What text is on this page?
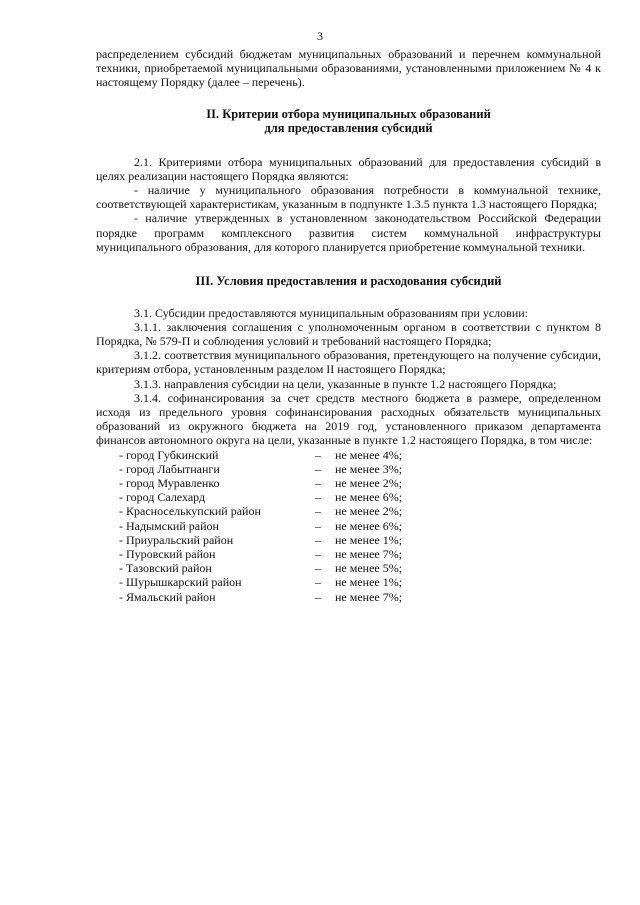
3

распределением субсидий бюджетам муниципальных образований и перечнем коммунальной техники, приобретаемой муниципальными образованиями, установленными приложением № 4 к настоящему Порядку (далее – перечень).

II. Критерии отбора муниципальных образований
для предоставления субсидий

2.1. Критериями отбора муниципальных образований для предоставления субсидий в целях реализации настоящего Порядка являются:

- наличие у муниципального образования потребности в коммунальной технике, соответствующей характеристикам, указанным в подпункте 1.3.5 пункта 1.3 настоящего Порядка;

- наличие утвержденных в установленном законодательством Российской Федерации порядке программ комплексного развития систем коммунальной инфраструктуры муниципального образования, для которого планируется приобретение коммунальной техники.

III. Условия предоставления и расходования субсидий

3.1. Субсидии предоставляются муниципальным образованиям при условии:

3.1.1. заключения соглашения с уполномоченным органом в соответствии с пунктом 8 Порядка, № 579-П и соблюдения условий и требований настоящего Порядка;

3.1.2. соответствия муниципального образования, претендующего на получение субсидии, критериям отбора, установленным разделом II настоящего Порядка;

3.1.3. направления субсидии на цели, указанные в пункте 1.2 настоящего Порядка;

3.1.4. софинансирования за счет средств местного бюджета в размере, определенном исходя из предельного уровня софинансирования расходных обязательств муниципальных образований из окружного бюджета на 2019 год, установленного приказом департамента финансов автономного округа на цели, указанные в пункте 1.2 настоящего Порядка, в том числе:

- город Губкинский	–	не менее 4%;
- город Лабытнанги	–	не менее 3%;
- город Муравленко	–	не менее 2%;
- город Салехард	–	не менее 6%;
- Красноселькупский район	–	не менее 2%;
- Надымский район	–	не менее 6%;
- Приуральский район	–	не менее 1%;
- Пуровский район	–	не менее 7%;
- Тазовский район	–	не менее 5%;
- Шурышкарский район	–	не менее 1%;
- Ямальский район	–	не менее 7%;
